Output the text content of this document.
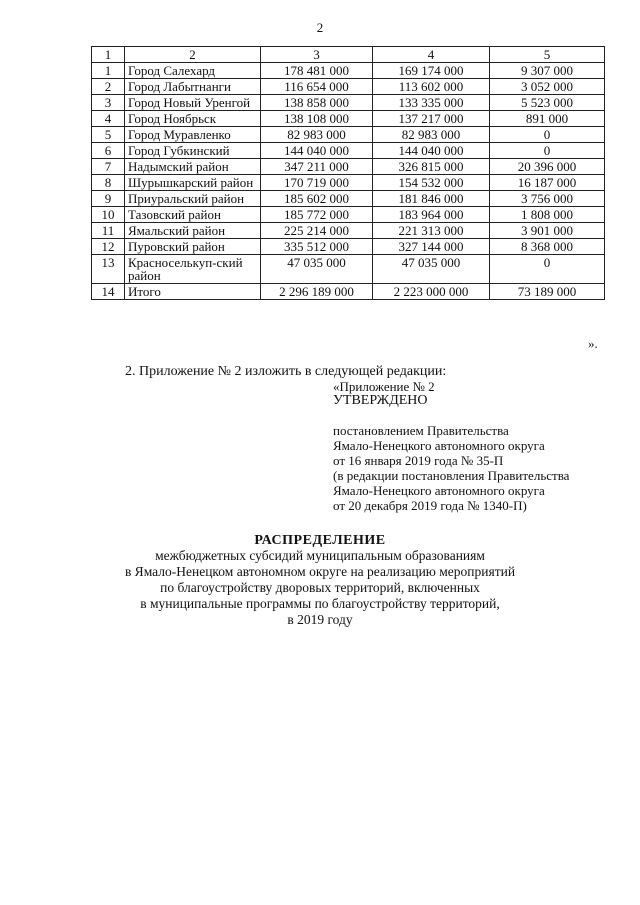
2
1	2	3	4	5
1	Город Салехард	178 481 000	169 174 000	9 307 000
2	Город Лабытнанги	116 654 000	113 602 000	3 052 000
3	Город Новый Уренгой	138 858 000	133 335 000	5 523 000
4	Город Ноябрьск	138 108 000	137 217 000	891 000
5	Город Муравленко	82 983 000	82 983 000	0
6	Город Губкинский	144 040 000	144 040 000	0
7	Надымский район	347 211 000	326 815 000	20 396 000
8	Шурышкарский район	170 719 000	154 532 000	16 187 000
9	Приуральский район	185 602 000	181 846 000	3 756 000
10	Тазовский район	185 772 000	183 964 000	1 808 000
11	Ямальский район	225 214 000	221 313 000	3 901 000
12	Пуровский район	335 512 000	327 144 000	8 368 000
13	Красноселькуп-ский район	47 035 000	47 035 000	0
14	Итого	2 296 189 000	2 223 000 000	73 189 000
».
2. Приложение № 2 изложить в следующей редакции:
«Приложение № 2
УТВЕРЖДЕНО
постановлением Правительства
Ямало-Ненецкого автономного округа
от 16 января 2019 года № 35-П
(в редакции постановления Правительства
Ямало-Ненецкого автономного округа
от 20 декабря 2019 года № 1340-П)
РАСПРЕДЕЛЕНИЕ
межбюджетных субсидий муниципальным образованиям
в Ямало-Ненецком автономном округе на реализацию мероприятий
по благоустройству дворовых территорий, включенных
в муниципальные программы по благоустройству территорий,
в 2019 году
